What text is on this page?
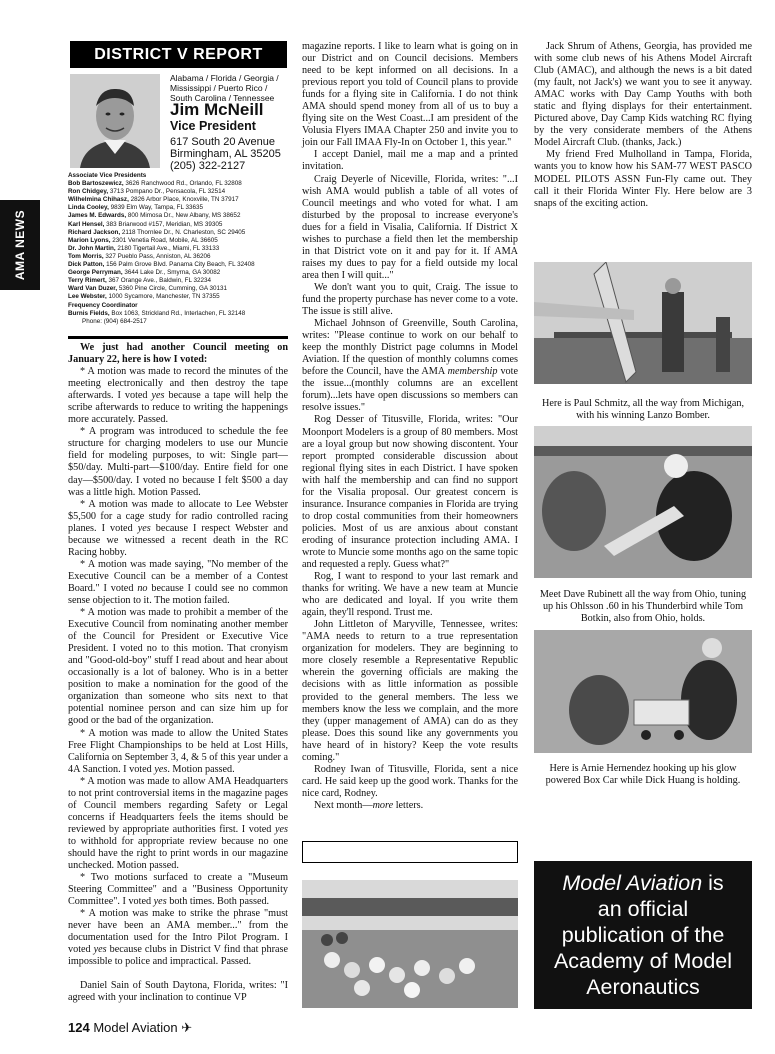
AMA NEWS
DISTRICT V REPORT
Alabama / Florida / Georgia / Mississippi / Puerto Rico / South Carolina / Tennessee
Jim McNeill
Vice President
617 South 20 Avenue
Birmingham, AL 35205
(205) 322-2127
Associate Vice Presidents
Bob Bartoszewicz, 3626 Ranchwood Rd., Orlando, FL 32808
Ron Chidgey, 3713 Pompano Dr., Pensacola, FL 32514
Wilhelmina Chihasz, 2826 Arbor Place, Knoxville, TN 37917
Linda Cooley, 9839 Elm Way, Tampa, FL 33635
James M. Edwards, 800 Mimosa Dr., New Albany, MS 38652
Karl Hensel, 383 Briarwood #157, Meridian, MS 39305
Richard Jackson, 2118 Thornlee Dr., N. Charleston, SC 29405
Marion Lyons, 2301 Venetia Road, Mobile, AL 36605
Dr. John Martin, 2180 Tigertail Ave., Miami, FL 33133
Tom Morris, 327 Pueblo Pass, Anniston, AL 36206
Dick Patton, 156 Palm Grove Blvd. Panama City Beach, FL 32408
George Perryman, 3644 Lake Dr., Smyrna, GA 30082
Terry Rimert, 367 Orange Ave., Baldwin, FL 32234
Ward Van Duzer, 5360 Pine Circle, Cumming, GA 30131
Lee Webster, 1000 Sycamore, Manchester, TN 37355
Frequency Coordinator
Burnis Fields, Box 1063, Strickland Rd., Interlachen, FL 32148
Phone: (904) 684-2517

We just had another Council meeting on January 22, here is how I voted:

* A motion was made to record the minutes of the meeting electronically and then destroy the tape afterwards. I voted yes because a tape will help the scribe afterwards to reduce to writing the happenings more accurately. Passed.

* A program was introduced to schedule the fee structure for charging modelers to use our Muncie field for modeling purposes, to wit: Single part—$50/day. Multi-part—$100/day. Entire field for one day—$500/day. I voted no because I felt $500 a day was a little high. Motion Passed.

* A motion was made to allocate to Lee Webster $5,500 for a cage study for radio controlled racing planes. I voted yes because I respect Webster and because we witnessed a recent death in the RC Racing hobby.

* A motion was made saying, "No member of the Executive Council can be a member of a Contest Board." I voted no because I could see no common sense objection to it. The motion failed.

* A motion was made to prohibit a member of the Executive Council from nominating another member of the Council for President or Executive Vice President. I voted no to this motion. That cronyism and "Good-old-boy" stuff I read about and hear about occasionally is a lot of baloney. Who is in a better position to make a nomination for the good of the organization than someone who sits next to that potential nominee person and can size him up for good or the bad of the organization.

* A motion was made to allow the United States Free Flight Championships to be held at Lost Hills, California on September 3, 4, & 5 of this year under a 4A Sanction. I voted yes. Motion passed.

* A motion was made to allow AMA Headquarters to not print controversial items in the magazine pages of Council members regarding Safety or Legal concerns if Headquarters feels the items should be reviewed by appropriate authorities first. I voted yes to withhold for appropriate review because no one should have the right to print words in our magazine unchecked. Motion passed.

* Two motions surfaced to create a "Museum Steering Committee" and a "Business Opportunity Committee". I voted yes both times. Both passed.

* A motion was make to strike the phrase "must never have been an AMA member..." from the documentation used for the Intro Pilot Program. I voted yes because clubs in District V find that phrase impossible to police and impractical. Passed.

Daniel Sain of South Daytona, Florida, writes: "I agreed with your inclination to continue VP

magazine reports. I like to learn what is going on in our District and on Council decisions. Members need to be kept informed on all decisions. In a previous report you told of Council plans to provide funds for a flying site in California. I do not think AMA should spend money from all of us to buy a flying site on the West Coast...I am president of the Volusia Flyers IMAA Chapter 250 and invite you to join our Fall IMAA Fly-In on October 1, this year."

I accept Daniel, mail me a map and a printed invitation.

Craig Deyerle of Niceville, Florida, writes: "...I wish AMA would publish a table of all votes of Council meetings and who voted for what. I am disturbed by the proposal to increase everyone's dues for a field in Visalia, California. If District X wishes to purchase a field then let the membership in that District vote on it and pay for it. If AMA raises my dues to pay for a field outside my local area then I will quit..."

We don't want you to quit, Craig. The issue to fund the property purchase has never come to a vote. The issue is still alive.

Michael Johnson of Greenville, South Carolina, writes: "Please continue to work on our behalf to keep the monthly District page columns in Model Aviation. If the question of monthly columns comes before the Council, have the AMA membership vote the issue...(monthly columns are an excellent forum)...lets have open discussions so members can resolve issues."

Rog Desser of Titusville, Florida, writes: "Our Moonport Modelers is a group of 80 members. Most are a loyal group but now showing discontent. Your report prompted considerable discussion about regional flying sites in each District. I have spoken with half the membership and can find no support for the Visalia proposal. Our greatest concern is insurance. Insurance companies in Florida are trying to drop costal communities from their homeowners policies. Most of us are anxious about constant eroding of insurance protection including AMA. I wrote to Muncie some months ago on the same topic and requested a reply. Guess what?"

Rog, I want to respond to your last remark and thanks for writing. We have a new team at Muncie who are dedicated and loyal. If you write them again, they'll respond. Trust me.

John Littleton of Maryville, Tennessee, writes: "AMA needs to return to a true representation organization for modelers. They are beginning to more closely resemble a Representative Republic wherein the governing officials are making the decisions with as little information as possible provided to the general members. The less we members know the less we complain, and the more they (upper management of AMA) can do as they please. Does this sound like any governments you have heard of in history? Keep the vote results coming."

Rodney Iwan of Titusville, Florida, sent a nice card. He said keep up the good work. Thanks for the nice card, Rodney.

Next month—more letters.

Jack Shrum of Athens, Georgia, has provided me with some club news of his Athens Model Aircraft Club (AMAC), and although the news is a bit dated (my fault, not Jack's) we want you to see it anyway. AMAC works with Day Camp Youths with both static and flying displays for their entertainment. Pictured above, Day Camp Kids watching RC flying by the very considerate members of the Athens Model Aircraft Club. (thanks, Jack.)

My friend Fred Mulholland in Tampa, Florida, wants you to know how his SAM-77 WEST PASCO MODEL PILOTS ASSN Fun-Fly came out. They call it their Florida Winter Fly. Here below are 3 snaps of the exciting action.

Here is Paul Schmitz, all the way from Michigan, with his winning Lanzo Bomber.
Meet Dave Rubinett all the way from Ohio, tuning up his Ohlsson .60 in his Thunderbird while Tom Botkin, also from Ohio, holds.
Here is Arnie Hernendez hooking up his glow powered Box Car while Dick Huang is holding.
Model Aviation is
an official
publication of the
Academy of Model
Aeronautics
124 Model Aviation ✈
